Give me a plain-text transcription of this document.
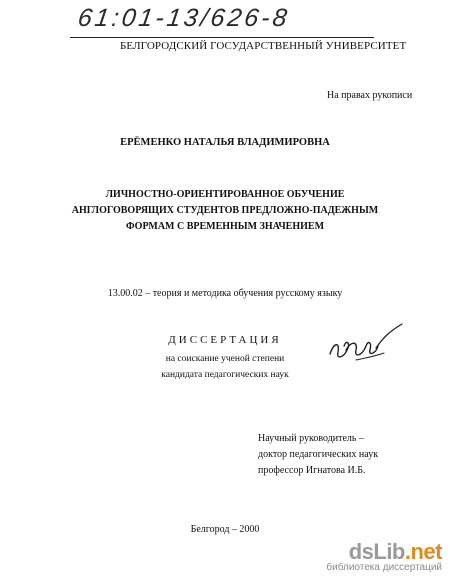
61:01-13/626-8

БЕЛГОРОДСКИЙ ГОСУДАРСТВЕННЫЙ УНИВЕРСИТЕТ

На правах рукописи

ЕРЁМЕНКО НАТАЛЬЯ ВЛАДИМИРОВНА

ЛИЧНОСТНО-ОРИЕНТИРОВАННОЕ ОБУЧЕНИЕ
АНГЛОГОВОРЯЩИХ СТУДЕНТОВ ПРЕДЛОЖНО-ПАДЕЖНЫМ
ФОРМАМ С ВРЕМЕННЫМ ЗНАЧЕНИЕМ

13.00.02 – теория и методика обучения русскому языку

ДИССЕРТАЦИЯ

на соискание ученой степени

кандидата педагогических наук

Научный руководитель –
доктор педагогических наук
профессор Игнатова И.Б.

Белгород – 2000

dsLib.net
библиотека диссертаций
